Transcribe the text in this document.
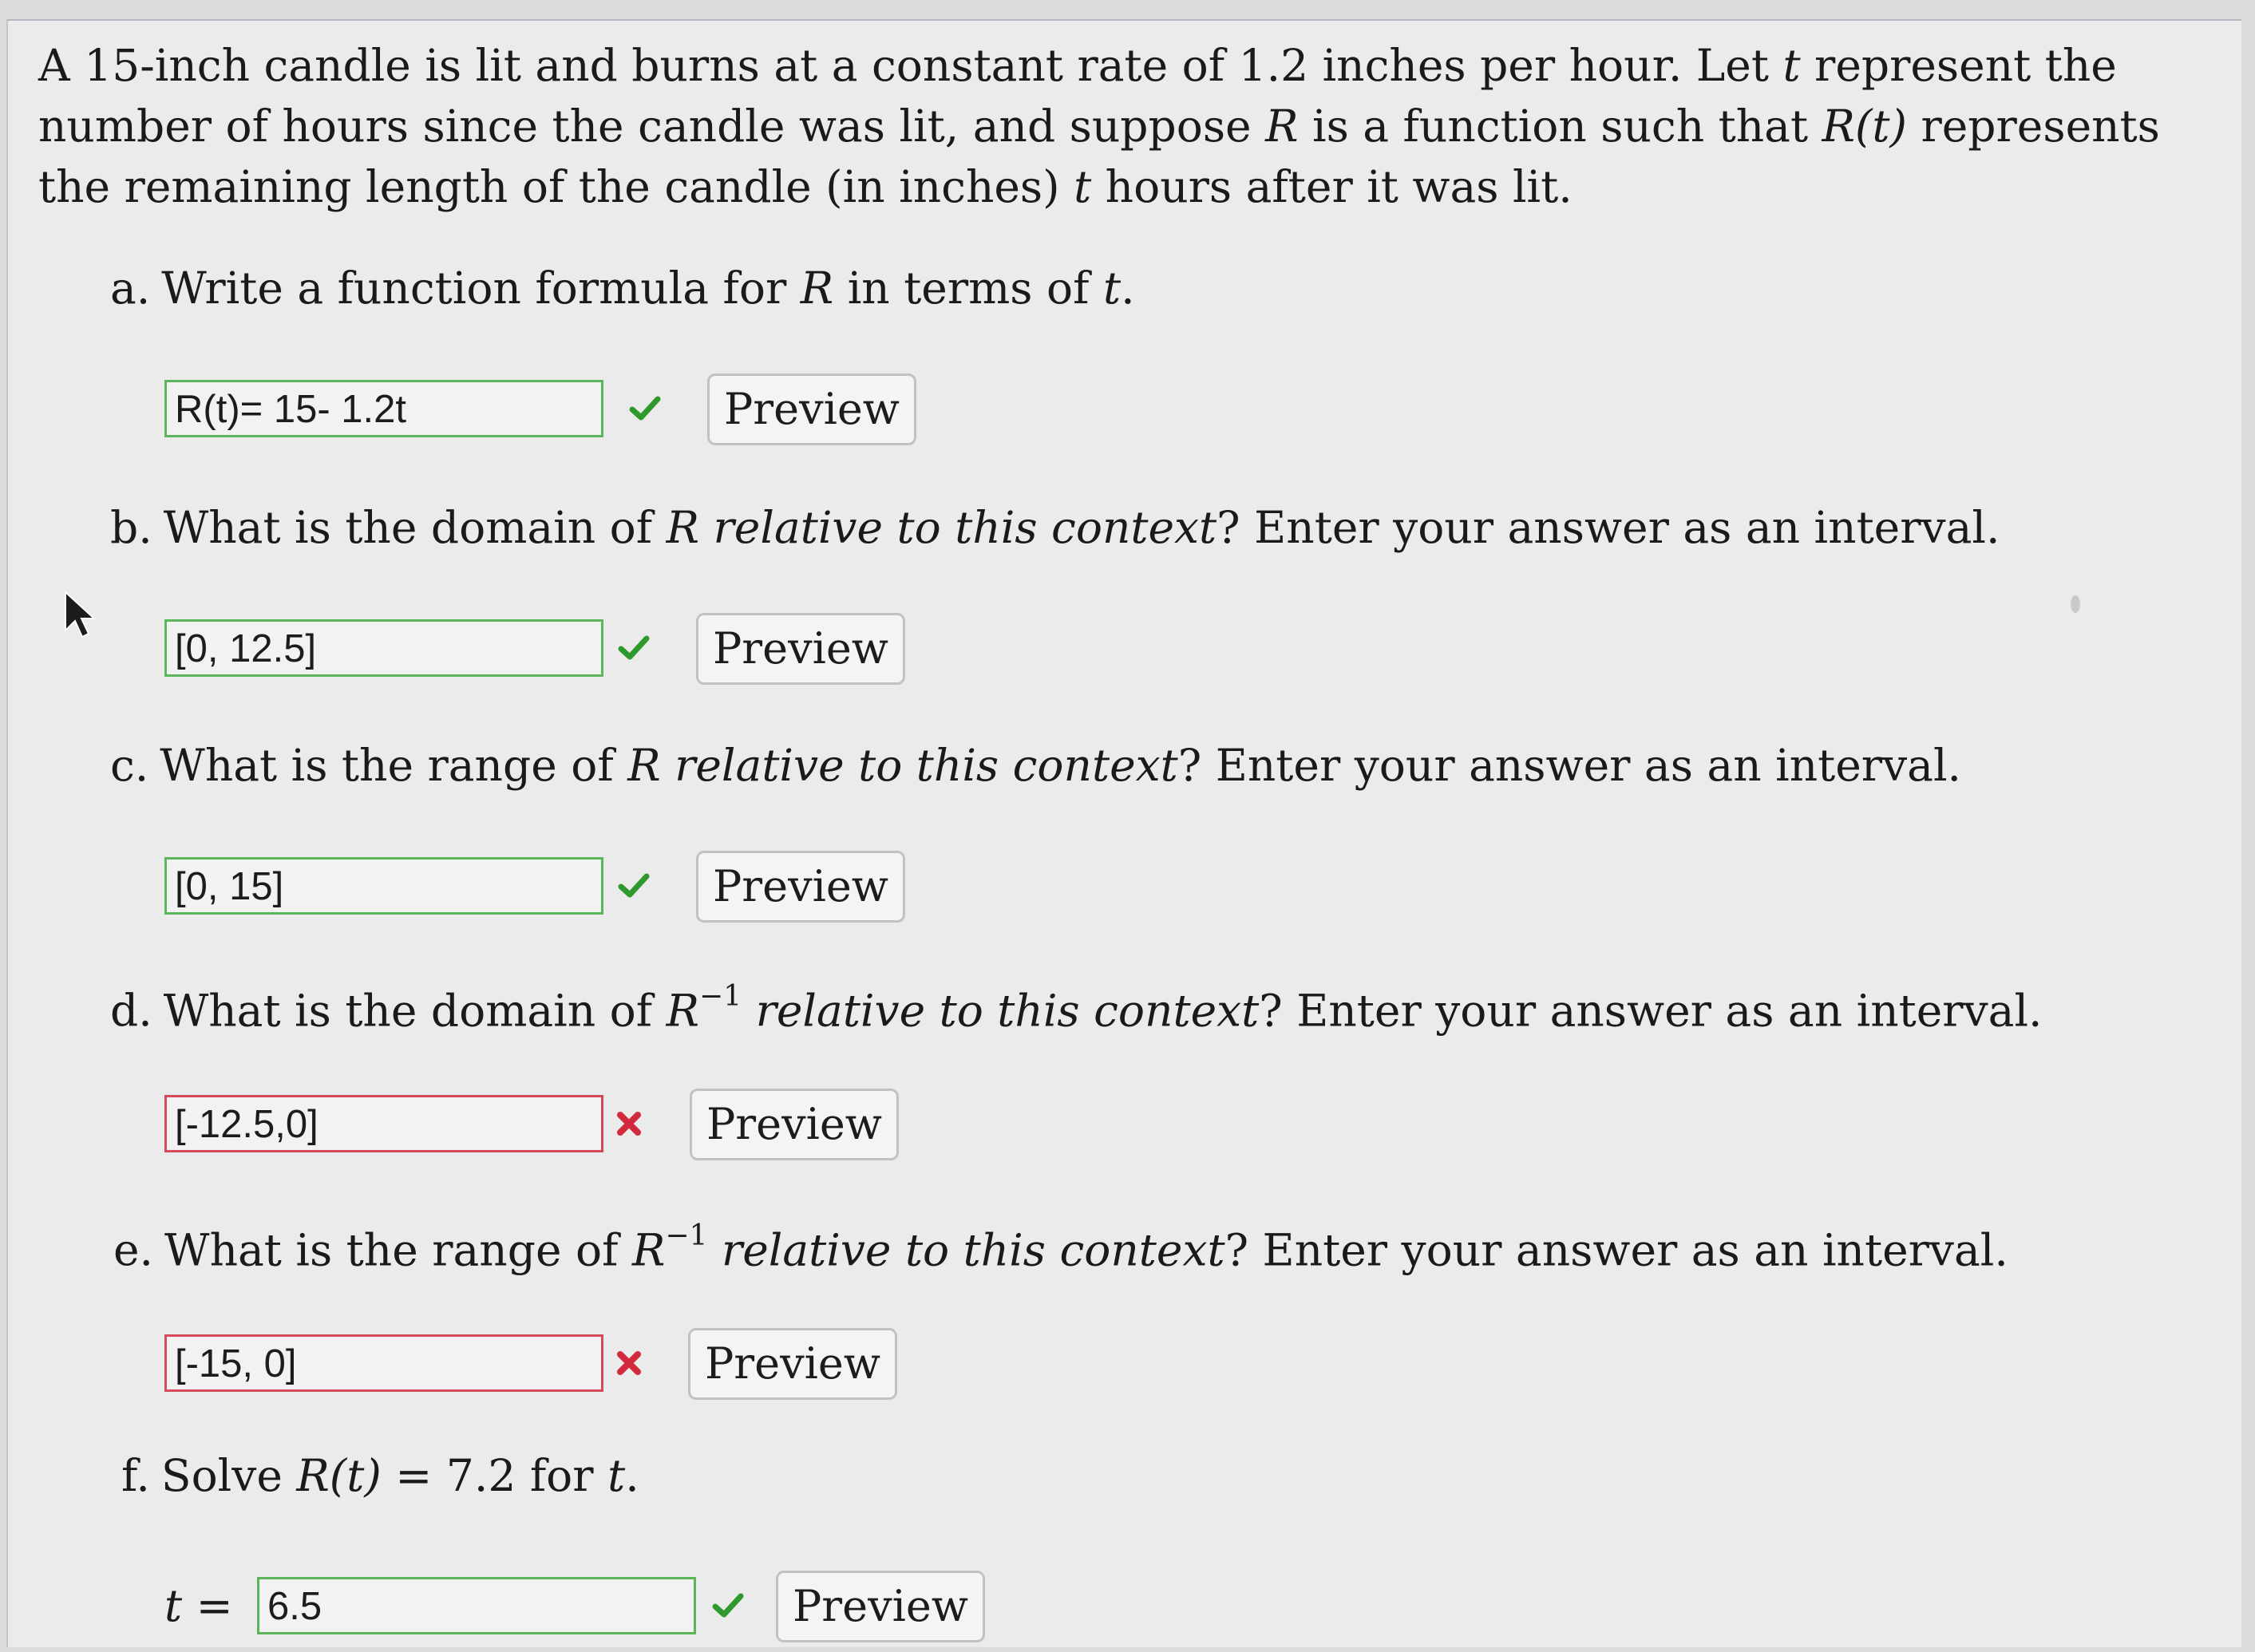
A 15-inch candle is lit and burns at a constant rate of 1.2 inches per hour. Let t represent the number of hours since the candle was lit, and suppose R is a function such that R(t) represents the remaining length of the candle (in inches) t hours after it was lit.

a. Write a function formula for R in terms of t.

R(t)= 15- 1.2t	Preview

b. What is the domain of R relative to this context? Enter your answer as an interval.

[0, 12.5]	Preview

c. What is the range of R relative to this context? Enter your answer as an interval.

[0, 15]	Preview

d. What is the domain of $R^{-1}$ relative to this context? Enter your answer as an interval.

[-12.5,0]	Preview

e. What is the range of $R^{-1}$ relative to this context? Enter your answer as an interval.

[-15, 0]	Preview

f. Solve R(t) = 7.2 for t.

t = 6.5	Preview
